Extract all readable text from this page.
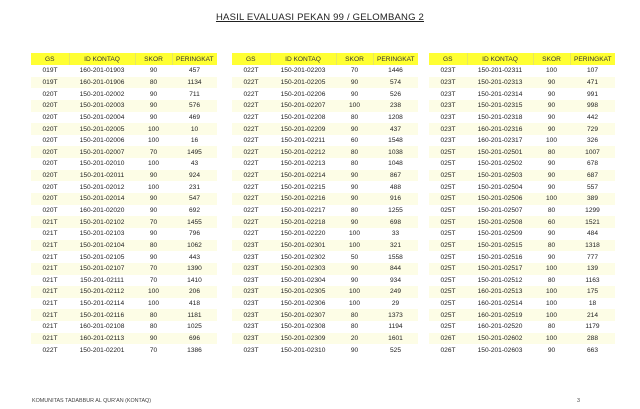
HASIL EVALUASI PEKAN 99 / GELOMBANG 2
GS	ID KONTAQ	SKOR	PERINGKAT
019T	160-201-01903	90	457
019T	160-201-01906	80	1134
020T	150-201-02002	90	711
020T	150-201-02003	90	576
020T	150-201-02004	90	469
020T	150-201-02005	100	10
020T	150-201-02006	100	16
020T	150-201-02007	70	1495
020T	150-201-02010	100	43
020T	150-201-02011	90	924
020T	150-201-02012	100	231
020T	150-201-02014	90	547
020T	160-201-02020	90	692
021T	150-201-02102	70	1455
021T	150-201-02103	90	796
021T	150-201-02104	80	1062
021T	150-201-02105	90	443
021T	150-201-02107	70	1390
021T	150-201-02111	70	1410
021T	150-201-02112	100	206
021T	150-201-02114	100	418
021T	150-201-02116	80	1181
021T	160-201-02108	80	1025
021T	160-201-02113	90	696
022T	150-201-02201	70	1386
GS	ID KONTAQ	SKOR	PERINGKAT
022T	150-201-02203	70	1446
022T	150-201-02205	90	574
022T	150-201-02206	90	526
022T	150-201-02207	100	238
022T	150-201-02208	80	1208
022T	150-201-02209	90	437
022T	150-201-02211	60	1548
022T	150-201-02212	80	1038
022T	150-201-02213	80	1048
022T	150-201-02214	90	867
022T	150-201-02215	90	488
022T	150-201-02216	90	916
022T	150-201-02217	80	1255
022T	150-201-02218	90	698
022T	150-201-02220	100	33
023T	150-201-02301	100	321
023T	150-201-02302	50	1558
023T	150-201-02303	90	844
023T	150-201-02304	90	934
023T	150-201-02305	100	249
023T	150-201-02306	100	29
023T	150-201-02307	80	1373
023T	150-201-02308	80	1194
023T	150-201-02309	20	1601
023T	150-201-02310	90	525
GS	ID KONTAQ	SKOR	PERINGKAT
023T	150-201-02311	100	107
023T	150-201-02313	90	471
023T	150-201-02314	90	991
023T	150-201-02315	90	998
023T	150-201-02318	90	442
023T	160-201-02316	90	729
023T	160-201-02317	100	326
025T	150-201-02501	80	1007
025T	150-201-02502	90	678
025T	150-201-02503	90	687
025T	150-201-02504	90	557
025T	150-201-02506	100	389
025T	150-201-02507	80	1299
025T	150-201-02508	60	1521
025T	150-201-02509	90	484
025T	150-201-02515	80	1318
025T	150-201-02516	90	777
025T	150-201-02517	100	139
025T	150-201-02512	80	1163
025T	160-201-02513	100	175
025T	160-201-02514	100	18
025T	160-201-02519	100	214
025T	160-201-02520	80	1179
026T	150-201-02602	100	288
026T	150-201-02603	90	663
KOMUNITAS TADABBUR AL QUR'AN (KONTAQ)	3
